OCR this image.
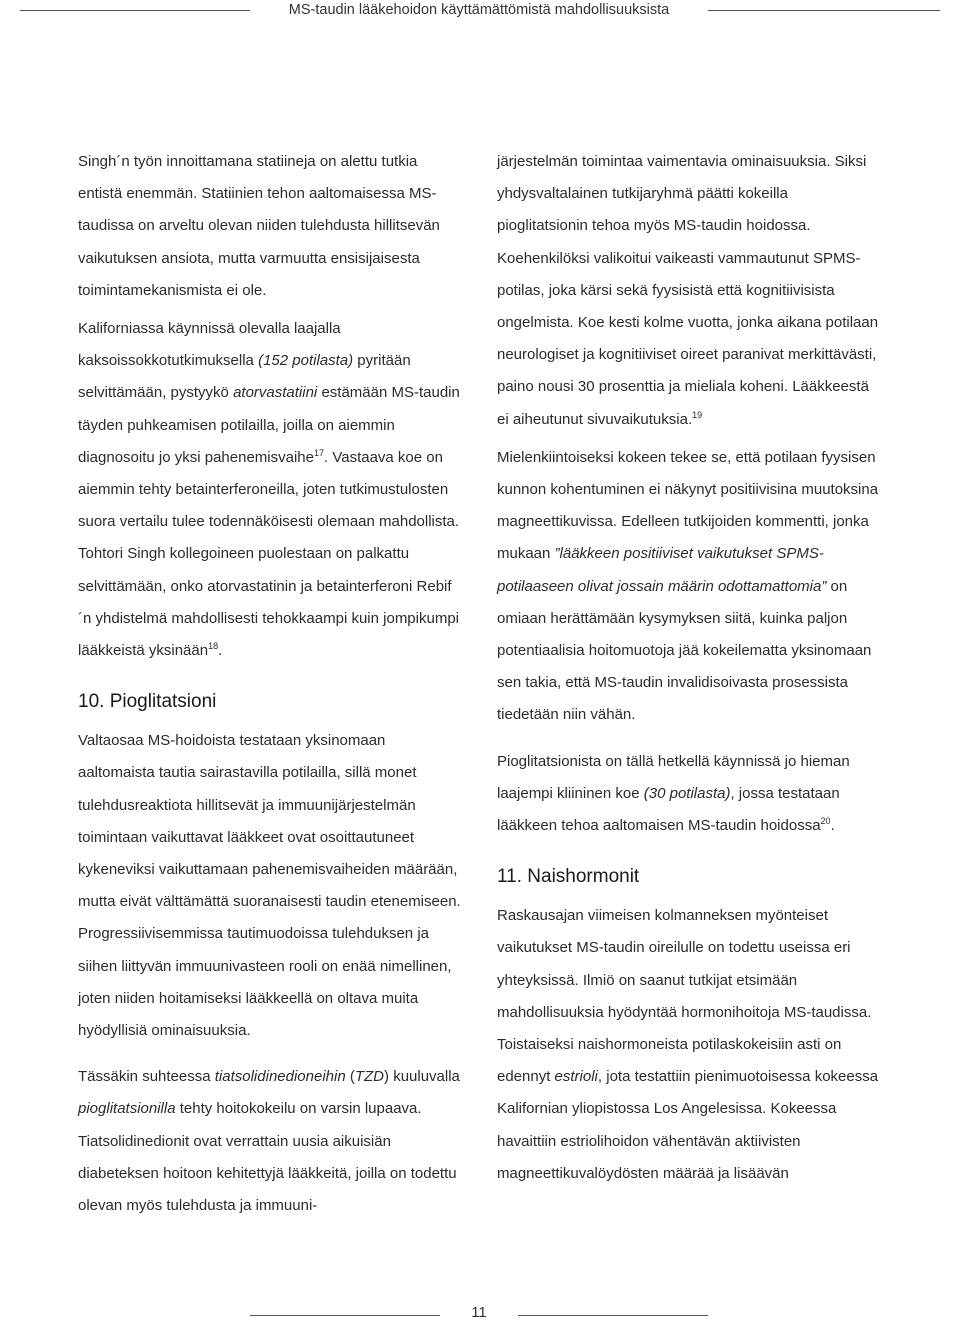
MS-taudin lääkehoidon käyttämättömistä mahdollisuuksista

Singh´n työn innoittamana statiineja on alettu tutkia entistä enemmän. Statiinien tehon aaltomaisessa MS-taudissa on arveltu olevan niiden tulehdusta hillitsevän vaikutuksen ansiota, mutta varmuutta ensisijaisesta toimintamekanismista ei ole.

Kaliforniassa käynnissä olevalla laajalla kaksoissokkotutkimuksella (152 potilasta) pyritään selvittämään, pystyykö atorvastatiini estämään MS-taudin täyden puhkeamisen potilailla, joilla on aiemmin diagnosoitu jo yksi pahenemisvaihe$^{17}$. Vastaava koe on aiemmin tehty betainterferoneilla, joten tutkimustulosten suora vertailu tulee todennäköisesti olemaan mahdollista.

Tohtori Singh kollegoineen puolestaan on palkattu selvittämään, onko atorvastatinin ja betainterferoni Rebif´n yhdistelmä mahdollisesti tehokkaampi kuin jompikumpi lääkkeistä yksinään$^{18}$.

10. Pioglitatsioni

Valtaosaa MS-hoidoista testataan yksinomaan aaltomaista tautia sairastavilla potilailla, sillä monet tulehdusreaktiota hillitsevät ja immuunijärjestelmän toimintaan vaikuttavat lääkkeet ovat osoittautuneet kykeneviksi vaikuttamaan pahenemisvaiheiden määrään, mutta eivät välttämättä suoranaisesti taudin etenemiseen. Progressiivisemmissa tautimuodoissa tulehduksen ja siihen liittyvän immuunivasteen rooli on enää nimellinen, joten niiden hoitamiseksi lääkkeellä on oltava muita hyödyllisiä ominaisuuksia.

Tässäkin suhteessa tiatsolidinedioneihin (TZD) kuuluvalla pioglitatsionilla tehty hoitokokeilu on varsin lupaava. Tiatsolidinedionit ovat verrattain uusia aikuisiän diabeteksen hoitoon kehitettyjä lääkkeitä, joilla on todettu olevan myös tulehdusta ja immuuni-

järjestelmän toimintaa vaimentavia ominaisuuksia. Siksi yhdysvaltalainen tutkijaryhmä päätti kokeilla pioglitatsionin tehoa myös MS-taudin hoidossa. Koehenkilöksi valikoitui vaikeasti vammautunut SPMS-potilas, joka kärsi sekä fyysisistä että kognitiivisista ongelmista. Koe kesti kolme vuotta, jonka aikana potilaan neurologiset ja kognitiiviset oireet paranivat merkittävästi, paino nousi 30 prosenttia ja mieliala koheni. Lääkkeestä ei aiheutunut sivuvaikutuksia.$^{19}$

Mielenkiintoiseksi kokeen tekee se, että potilaan fyysisen kunnon kohentuminen ei näkynyt positiivisina muutoksina magneettikuvissa. Edelleen tutkijoiden kommentti, jonka mukaan ”lääkkeen positiiviset vaikutukset SPMS-potilaaseen olivat jossain määrin odottamattomia” on omiaan herättämään kysymyksen siitä, kuinka paljon potentiaalisia hoitomuotoja jää kokeilematta yksinomaan sen takia, että MS-taudin invalidisoivasta prosessista tiedetään niin vähän.

Pioglitatsionista on tällä hetkellä käynnissä jo hieman laajempi kliininen koe (30 potilasta), jossa testataan lääkkeen tehoa aaltomaisen MS-taudin hoidossa$^{20}$.

11. Naishormonit

Raskausajan viimeisen kolmanneksen myönteiset vaikutukset MS-taudin oireilulle on todettu useissa eri yhteyksissä. Ilmiö on saanut tutkijat etsimään mahdollisuuksia hyödyntää hormonihoitoja MS-taudissa. Toistaiseksi naishormoneista potilaskokeisiin asti on edennyt estrioli, jota testattiin pienimuotoisessa kokeessa Kalifornian yliopistossa Los Angelesissa. Kokeessa havaittiin estriolihoidon vähentävän aktiivisten magneettikuvalöydösten määrää ja lisäävän

11
